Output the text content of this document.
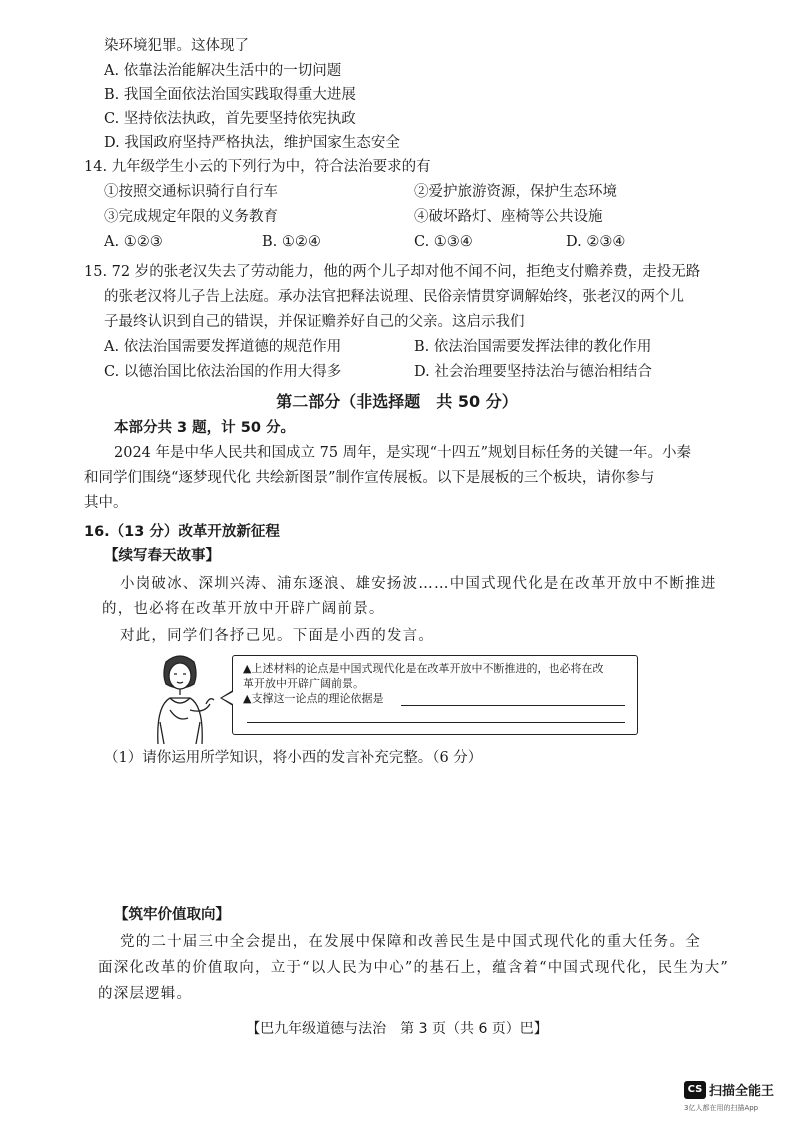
染环境犯罪。这体现了
A. 依靠法治能解决生活中的一切问题
B. 我国全面依法治国实践取得重大进展
C. 坚持依法执政，首先要坚持依宪执政
D. 我国政府坚持严格执法，维护国家生态安全
14. 九年级学生小云的下列行为中，符合法治要求的有
①按照交通标识骑行自行车	②爱护旅游资源，保护生态环境
③完成规定年限的义务教育	④破坏路灯、座椅等公共设施
A. ①②③	B. ①②④	C. ①③④	D. ②③④
15. 72 岁的张老汉失去了劳动能力，他的两个儿子却对他不闻不问，拒绝支付赡养费，走投无路
的张老汉将儿子告上法庭。承办法官把释法说理、民俗亲情贯穿调解始终，张老汉的两个儿
子最终认识到自己的错误，并保证赡养好自己的父亲。这启示我们
A. 依法治国需要发挥道德的规范作用	B. 依法治国需要发挥法律的教化作用
C. 以德治国比依法治国的作用大得多	D. 社会治理要坚持法治与德治相结合
第二部分（非选择题　共 50 分）
本部分共 3 题，计 50 分。
2024 年是中华人民共和国成立 75 周年，是实现“十四五”规划目标任务的关键一年。小秦
和同学们围绕“逐梦现代化 共绘新图景”制作宣传展板。以下是展板的三个板块，请你参与
其中。
16.（13 分）改革开放新征程
【续写春天故事】
小岗破冰、深圳兴涛、浦东逐浪、雄安扬波……中国式现代化是在改革开放中不断推进
的，也必将在改革开放中开辟广阔前景。
对此，同学们各抒己见。下面是小西的发言。
▲上述材料的论点是中国式现代化是在改革开放中不断推进的，也必将在改
革开放中开辟广阔前景。
▲支撑这一论点的理论依据是
（1）请你运用所学知识，将小西的发言补充完整。（6 分）
【筑牢价值取向】
党的二十届三中全会提出，在发展中保障和改善民生是中国式现代化的重大任务。全
面深化改革的价值取向，立于“以人民为中心”的基石上，蕴含着“中国式现代化，民生为大”
的深层逻辑。
【巴九年级道德与法治　第 3 页（共 6 页）巴】
CS 扫描全能王
3亿人都在用的扫描App
